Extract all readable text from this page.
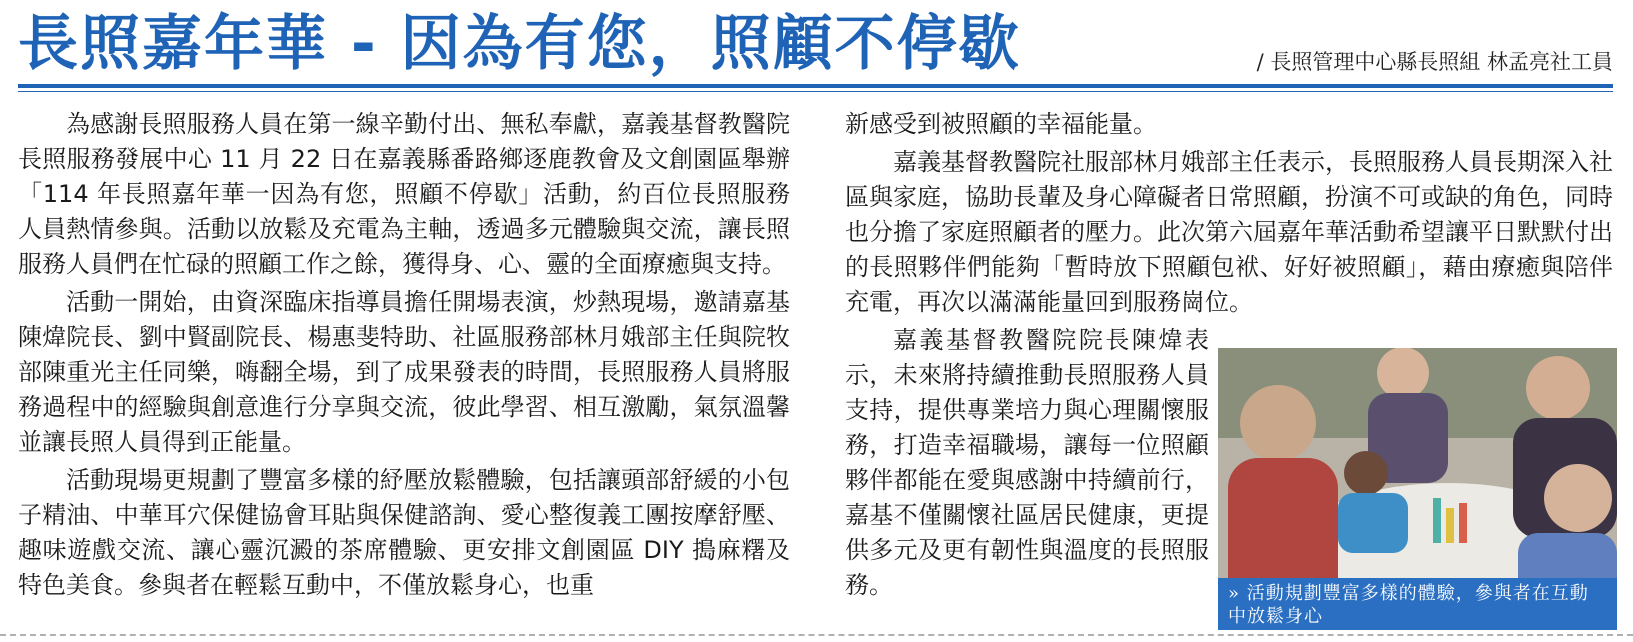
長照嘉年華 - 因為有您，照顧不停歇	/ 長照管理中心縣長照組 林孟亮社工員

為感謝長照服務人員在第一線辛勤付出、無私奉獻，嘉義基督教醫院長照服務發展中心 11 月 22 日在嘉義縣番路鄉逐鹿教會及文創園區舉辦「114 年長照嘉年華一因為有您，照顧不停歇」活動，約百位長照服務人員熱情參與。活動以放鬆及充電為主軸，透過多元體驗與交流，讓長照服務人員們在忙碌的照顧工作之餘，獲得身、心、靈的全面療癒與支持。

活動一開始，由資深臨床指導員擔任開場表演，炒熱現場，邀請嘉基陳煒院長、劉中賢副院長、楊惠斐特助、社區服務部林月娥部主任與院牧部陳重光主任同樂，嗨翻全場，到了成果發表的時間，長照服務人員將服務過程中的經驗與創意進行分享與交流，彼此學習、相互激勵，氣氛溫馨並讓長照人員得到正能量。

活動現場更規劃了豐富多樣的紓壓放鬆體驗，包括讓頭部舒緩的小包子精油、中華耳穴保健協會耳貼與保健諮詢、愛心整復義工團按摩舒壓、趣味遊戲交流、讓心靈沉澱的茶席體驗、更安排文創園區 DIY 搗麻糬及特色美食。參與者在輕鬆互動中，不僅放鬆身心，也重

新感受到被照顧的幸福能量。

嘉義基督教醫院社服部林月娥部主任表示，長照服務人員長期深入社區與家庭，協助長輩及身心障礙者日常照顧，扮演不可或缺的角色，同時也分擔了家庭照顧者的壓力。此次第六屆嘉年華活動希望讓平日默默付出的長照夥伴們能夠「暫時放下照顧包袱、好好被照顧」，藉由療癒與陪伴充電，再次以滿滿能量回到服務崗位。

嘉義基督教醫院院長陳煒表示，未來將持續推動長照服務人員支持，提供專業培力與心理關懷服務，打造幸福職場，讓每一位照顧夥伴都能在愛與感謝中持續前行，嘉基不僅關懷社區居民健康，更提供多元及更有韌性與溫度的長照服務。	» 活動規劃豐富多樣的體驗，參與者在互動中放鬆身心
